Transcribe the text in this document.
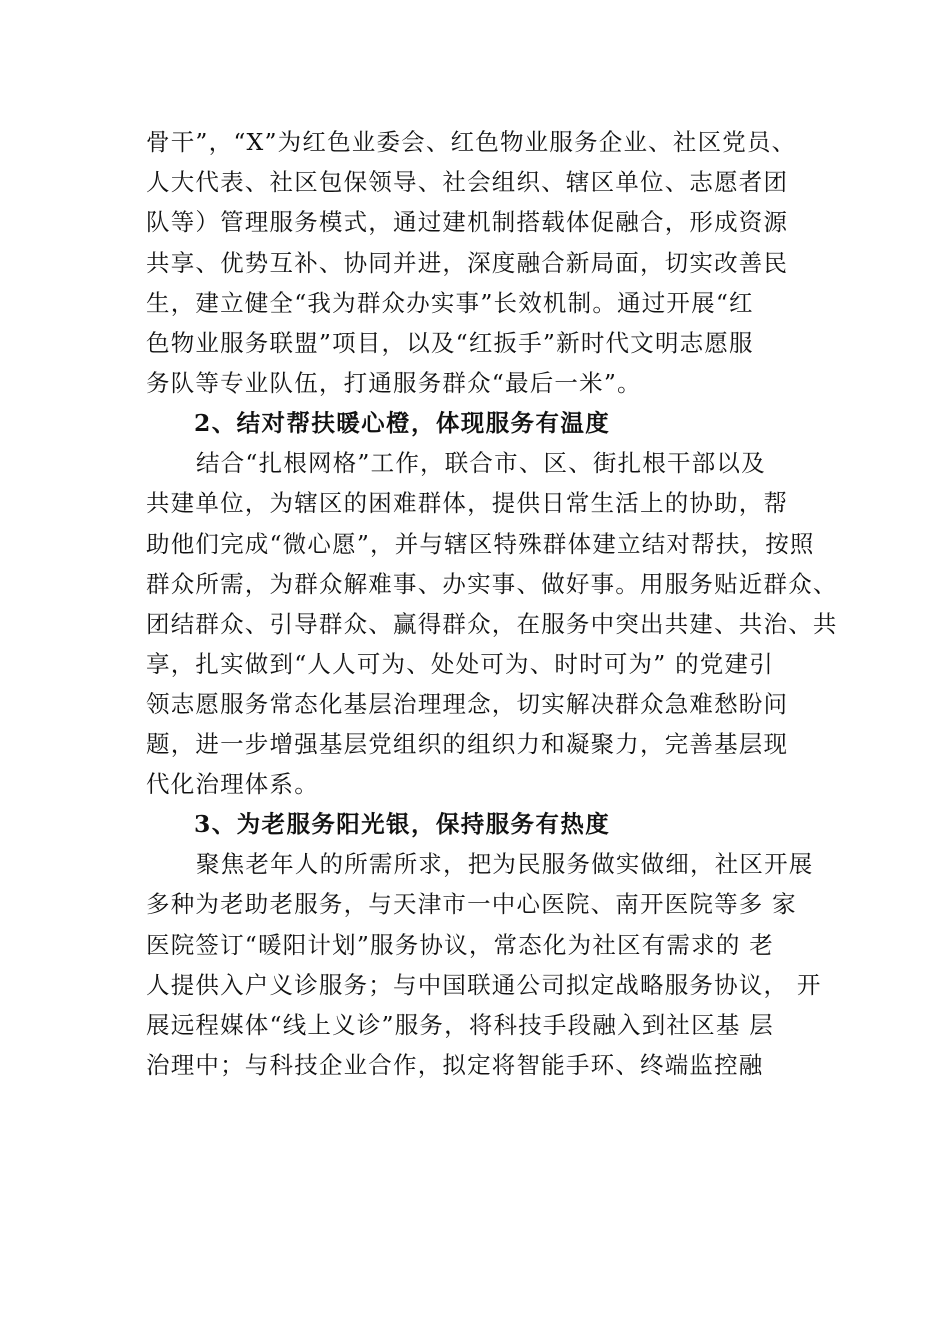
骨干”，“X”为红色业委会、红色物业服务企业、社区党员、
人大代表、社区包保领导、社会组织、辖区单位、志愿者团
队等）管理服务模式，通过建机制搭载体促融合，形成资源
共享、优势互补、协同并进，深度融合新局面，切实改善民
生，建立健全“我为群众办实事”长效机制。通过开展“红
色物业服务联盟”项目，以及“红扳手”新时代文明志愿服
务队等专业队伍，打通服务群众“最后一米”。
2、结对帮扶暖心橙，体现服务有温度
结合“扎根网格”工作，联合市、区、街扎根干部以及
共建单位，为辖区的困难群体，提供日常生活上的协助，帮
助他们完成“微心愿”，并与辖区特殊群体建立结对帮扶，按照
群众所需，为群众解难事、办实事、做好事。用服务贴近群众、
团结群众、引导群众、赢得群众，在服务中突出共建、共治、共
享，扎实做到“人人可为、处处可为、时时可为” 的党建引
领志愿服务常态化基层治理理念，切实解决群众急难愁盼问
题，进一步增强基层党组织的组织力和凝聚力，完善基层现
代化治理体系。
3、为老服务阳光银，保持服务有热度
聚焦老年人的所需所求，把为民服务做实做细，社区开展
多种为老助老服务，与天津市一中心医院、南开医院等多 家
医院签订“暖阳计划”服务协议，常态化为社区有需求的 老
人提供入户义诊服务；与中国联通公司拟定战略服务协议， 开
展远程媒体“线上义诊”服务，将科技手段融入到社区基 层
治理中；与科技企业合作，拟定将智能手环、终端监控融
